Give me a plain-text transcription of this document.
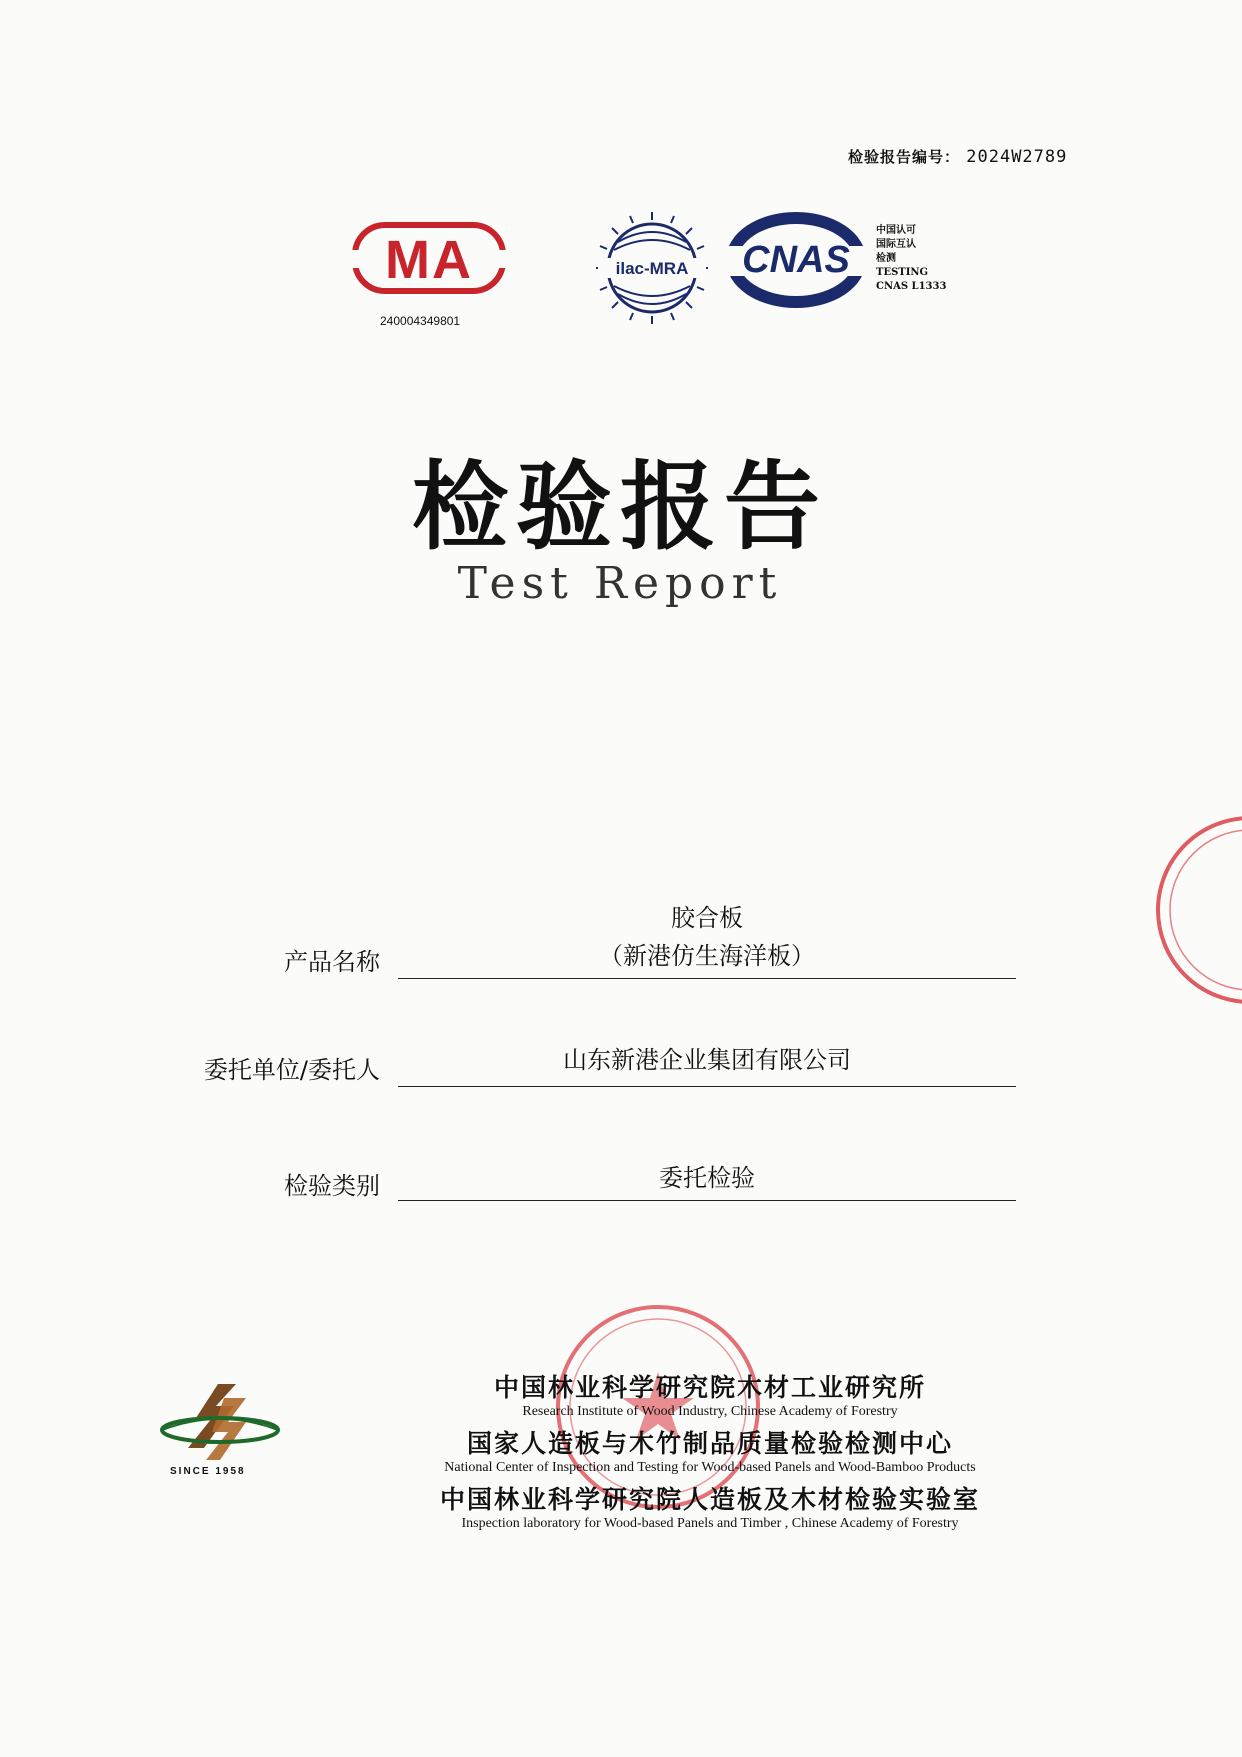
检验报告编号： 2024W2789
MA
240004349801
ilac-MRA CNAS
中国认可
国际互认
检测
TESTING
CNAS L1333
检验报告
Test Report
胶合板
（新港仿生海洋板）
产品名称
山东新港企业集团有限公司
委托单位/委托人
委托检验
检验类别
SINCE 1958
中国林业科学研究院木材工业研究所
Research Institute of Wood Industry, Chinese Academy of Forestry
国家人造板与木竹制品质量检验检测中心
National Center of Inspection and Testing for Wood-based Panels and Wood-Bamboo Products
中国林业科学研究院人造板及木材检验实验室
Inspection laboratory for Wood-based Panels and Timber , Chinese Academy of Forestry
